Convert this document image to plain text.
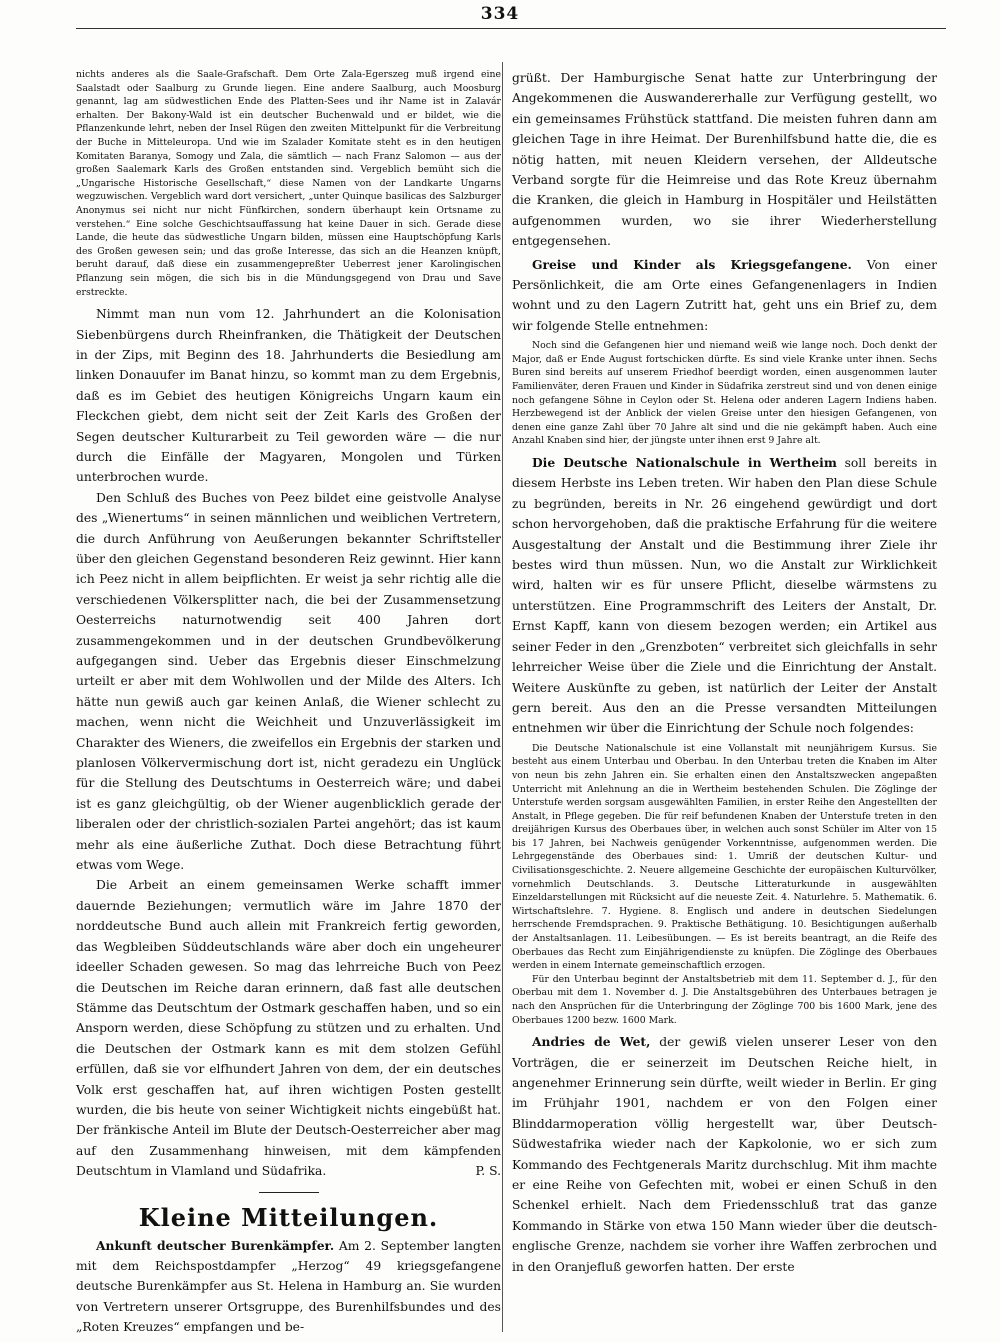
334

nichts anderes als die Saale-Grafschaft. Dem Orte Zala-Egerszeg muß irgend eine Saalstadt oder Saalburg zu Grunde liegen. Eine andere Saalburg, auch Moosburg genannt, lag am südwestlichen Ende des Platten-Sees und ihr Name ist in Zalavár erhalten. Der Bakony-Wald ist ein deutscher Buchenwald und er bildet, wie die Pflanzenkunde lehrt, neben der Insel Rügen den zweiten Mittelpunkt für die Verbreitung der Buche in Mitteleuropa. Und wie im Szalader Komitate steht es in den heutigen Komitaten Baranya, Somogy und Zala, die sämtlich — nach Franz Salomon — aus der großen Saalemark Karls des Großen entstanden sind. Vergeblich bemüht sich die „Ungarische Historische Gesellschaft,“ diese Namen von der Landkarte Ungarns wegzuwischen. Vergeblich ward dort versichert, „unter Quinque basilicas des Salzburger Anonymus sei nicht nur nicht Fünfkirchen, sondern überhaupt kein Ortsname zu verstehen.“ Eine solche Geschichtsauffassung hat keine Dauer in sich. Gerade diese Lande, die heute das südwestliche Ungarn bilden, müssen eine Hauptschöpfung Karls des Großen gewesen sein; und das große Interesse, das sich an die Heanzen knüpft, beruht darauf, daß diese ein zusammengepreßter Ueberrest jener Karolingischen Pflanzung sein mögen, die sich bis in die Mündungsgegend von Drau und Save erstreckte.

Nimmt man nun vom 12. Jahrhundert an die Kolonisation Siebenbürgens durch Rheinfranken, die Thätigkeit der Deutschen in der Zips, mit Beginn des 18. Jahrhunderts die Besiedlung am linken Donauufer im Banat hinzu, so kommt man zu dem Ergebnis, daß es im Gebiet des heutigen Königreichs Ungarn kaum ein Fleckchen giebt, dem nicht seit der Zeit Karls des Großen der Segen deutscher Kulturarbeit zu Teil geworden wäre — die nur durch die Einfälle der Magyaren, Mongolen und Türken unterbrochen wurde.

Den Schluß des Buches von Peez bildet eine geistvolle Analyse des „Wienertums“ in seinen männlichen und weiblichen Vertretern, die durch Anführung von Aeußerungen bekannter Schriftsteller über den gleichen Gegenstand besonderen Reiz gewinnt. Hier kann ich Peez nicht in allem beipflichten. Er weist ja sehr richtig alle die verschiedenen Völkersplitter nach, die bei der Zusammensetzung Oesterreichs naturnotwendig seit 400 Jahren dort zusammengekommen und in der deutschen Grundbevölkerung aufgegangen sind. Ueber das Ergebnis dieser Einschmelzung urteilt er aber mit dem Wohlwollen und der Milde des Alters. Ich hätte nun gewiß auch gar keinen Anlaß, die Wiener schlecht zu machen, wenn nicht die Weichheit und Unzuverlässigkeit im Charakter des Wieners, die zweifellos ein Ergebnis der starken und planlosen Völkervermischung dort ist, nicht geradezu ein Unglück für die Stellung des Deutschtums in Oesterreich wäre; und dabei ist es ganz gleichgültig, ob der Wiener augenblicklich gerade der liberalen oder der christlich-sozialen Partei angehört; das ist kaum mehr als eine äußerliche Zuthat. Doch diese Betrachtung führt etwas vom Wege.

Die Arbeit an einem gemeinsamen Werke schafft immer dauernde Beziehungen; vermutlich wäre im Jahre 1870 der norddeutsche Bund auch allein mit Frankreich fertig geworden, das Wegbleiben Süddeutschlands wäre aber doch ein ungeheurer ideeller Schaden gewesen. So mag das lehrreiche Buch von Peez die Deutschen im Reiche daran erinnern, daß fast alle deutschen Stämme das Deutschtum der Ostmark geschaffen haben, und so ein Ansporn werden, diese Schöpfung zu stützen und zu erhalten. Und die Deutschen der Ostmark kann es mit dem stolzen Gefühl erfüllen, daß sie vor elfhundert Jahren von dem, der ein deutsches Volk erst geschaffen hat, auf ihren wichtigen Posten gestellt wurden, die bis heute von seiner Wichtigkeit nichts eingebüßt hat. Der fränkische Anteil im Blute der Deutsch-Oesterreicher aber mag auf den Zusammenhang hinweisen, mit dem kämpfenden Deutschtum in Vlamland und Südafrika.	P. S.

Kleine Mitteilungen.

Ankunft deutscher Burenkämpfer. Am 2. September langten mit dem Reichspostdampfer „Herzog“ 49 kriegsgefangene deutsche Burenkämpfer aus St. Helena in Hamburg an. Sie wurden von Vertretern unserer Ortsgruppe, des Burenhilfsbundes und des „Roten Kreuzes“ empfangen und be-

grüßt. Der Hamburgische Senat hatte zur Unterbringung der Angekommenen die Auswandererhalle zur Verfügung gestellt, wo ein gemeinsames Frühstück stattfand. Die meisten fuhren dann am gleichen Tage in ihre Heimat. Der Burenhilfsbund hatte die, die es nötig hatten, mit neuen Kleidern versehen, der Alldeutsche Verband sorgte für die Heimreise und das Rote Kreuz übernahm die Kranken, die gleich in Hamburg in Hospitäler und Heilstätten aufgenommen wurden, wo sie ihrer Wiederherstellung entgegensehen.

Greise und Kinder als Kriegsgefangene. Von einer Persönlichkeit, die am Orte eines Gefangenenlagers in Indien wohnt und zu den Lagern Zutritt hat, geht uns ein Brief zu, dem wir folgende Stelle entnehmen:

Noch sind die Gefangenen hier und niemand weiß wie lange noch. Doch denkt der Major, daß er Ende August fortschicken dürfte. Es sind viele Kranke unter ihnen. Sechs Buren sind bereits auf unserem Friedhof beerdigt worden, einen ausgenommen lauter Familienväter, deren Frauen und Kinder in Südafrika zerstreut sind und von denen einige noch gefangene Söhne in Ceylon oder St. Helena oder anderen Lagern Indiens haben. Herzbewegend ist der Anblick der vielen Greise unter den hiesigen Gefangenen, von denen eine ganze Zahl über 70 Jahre alt sind und die nie gekämpft haben. Auch eine Anzahl Knaben sind hier, der jüngste unter ihnen erst 9 Jahre alt.

Die Deutsche Nationalschule in Wertheim soll bereits in diesem Herbste ins Leben treten. Wir haben den Plan diese Schule zu begründen, bereits in Nr. 26 eingehend gewürdigt und dort schon hervorgehoben, daß die praktische Erfahrung für die weitere Ausgestaltung der Anstalt und die Bestimmung ihrer Ziele ihr bestes wird thun müssen. Nun, wo die Anstalt zur Wirklichkeit wird, halten wir es für unsere Pflicht, dieselbe wärmstens zu unterstützen. Eine Programmschrift des Leiters der Anstalt, Dr. Ernst Kapff, kann von diesem bezogen werden; ein Artikel aus seiner Feder in den „Grenzboten“ verbreitet sich gleichfalls in sehr lehrreicher Weise über die Ziele und die Einrichtung der Anstalt. Weitere Auskünfte zu geben, ist natürlich der Leiter der Anstalt gern bereit. Aus den an die Presse versandten Mitteilungen entnehmen wir über die Einrichtung der Schule noch folgendes:

Die Deutsche Nationalschule ist eine Vollanstalt mit neunjährigem Kursus. Sie besteht aus einem Unterbau und Oberbau. In den Unterbau treten die Knaben im Alter von neun bis zehn Jahren ein. Sie erhalten einen den Anstaltszwecken angepaßten Unterricht mit Anlehnung an die in Wertheim bestehenden Schulen. Die Zöglinge der Unterstufe werden sorgsam ausgewählten Familien, in erster Reihe den Angestellten der Anstalt, in Pflege gegeben. Die für reif befundenen Knaben der Unterstufe treten in den dreijährigen Kursus des Oberbaues über, in welchen auch sonst Schüler im Alter von 15 bis 17 Jahren, bei Nachweis genügender Vorkenntnisse, aufgenommen werden. Die Lehrgegenstände des Oberbaues sind: 1. Umriß der deutschen Kultur- und Civilisationsgeschichte. 2. Neuere allgemeine Geschichte der europäischen Kulturvölker, vornehmlich Deutschlands. 3. Deutsche Litteraturkunde in ausgewählten Einzeldarstellungen mit Rücksicht auf die neueste Zeit. 4. Naturlehre. 5. Mathematik. 6. Wirtschaftslehre. 7. Hygiene. 8. Englisch und andere in deutschen Siedelungen herrschende Fremdsprachen. 9. Praktische Bethätigung. 10. Besichtigungen außerhalb der Anstaltsanlagen. 11. Leibesübungen. — Es ist bereits beantragt, an die Reife des Oberbaues das Recht zum Einjährigendienste zu knüpfen. Die Zöglinge des Oberbaues werden in einem Internate gemeinschaftlich erzogen.

Für den Unterbau beginnt der Anstaltsbetrieb mit dem 11. September d. J., für den Oberbau mit dem 1. November d. J. Die Anstaltsgebühren des Unterbaues betragen je nach den Ansprüchen für die Unterbringung der Zöglinge 700 bis 1600 Mark, jene des Oberbaues 1200 bezw. 1600 Mark.

Andries de Wet, der gewiß vielen unserer Leser von den Vorträgen, die er seinerzeit im Deutschen Reiche hielt, in angenehmer Erinnerung sein dürfte, weilt wieder in Berlin. Er ging im Frühjahr 1901, nachdem er von den Folgen einer Blinddarmoperation völlig hergestellt war, über Deutsch-Südwestafrika wieder nach der Kapkolonie, wo er sich zum Kommando des Fechtgenerals Maritz durchschlug. Mit ihm machte er eine Reihe von Gefechten mit, wobei er einen Schuß in den Schenkel erhielt. Nach dem Friedensschluß trat das ganze Kommando in Stärke von etwa 150 Mann wieder über die deutsch-englische Grenze, nachdem sie vorher ihre Waffen zerbrochen und in den Oranjefluß geworfen hatten. Der erste
